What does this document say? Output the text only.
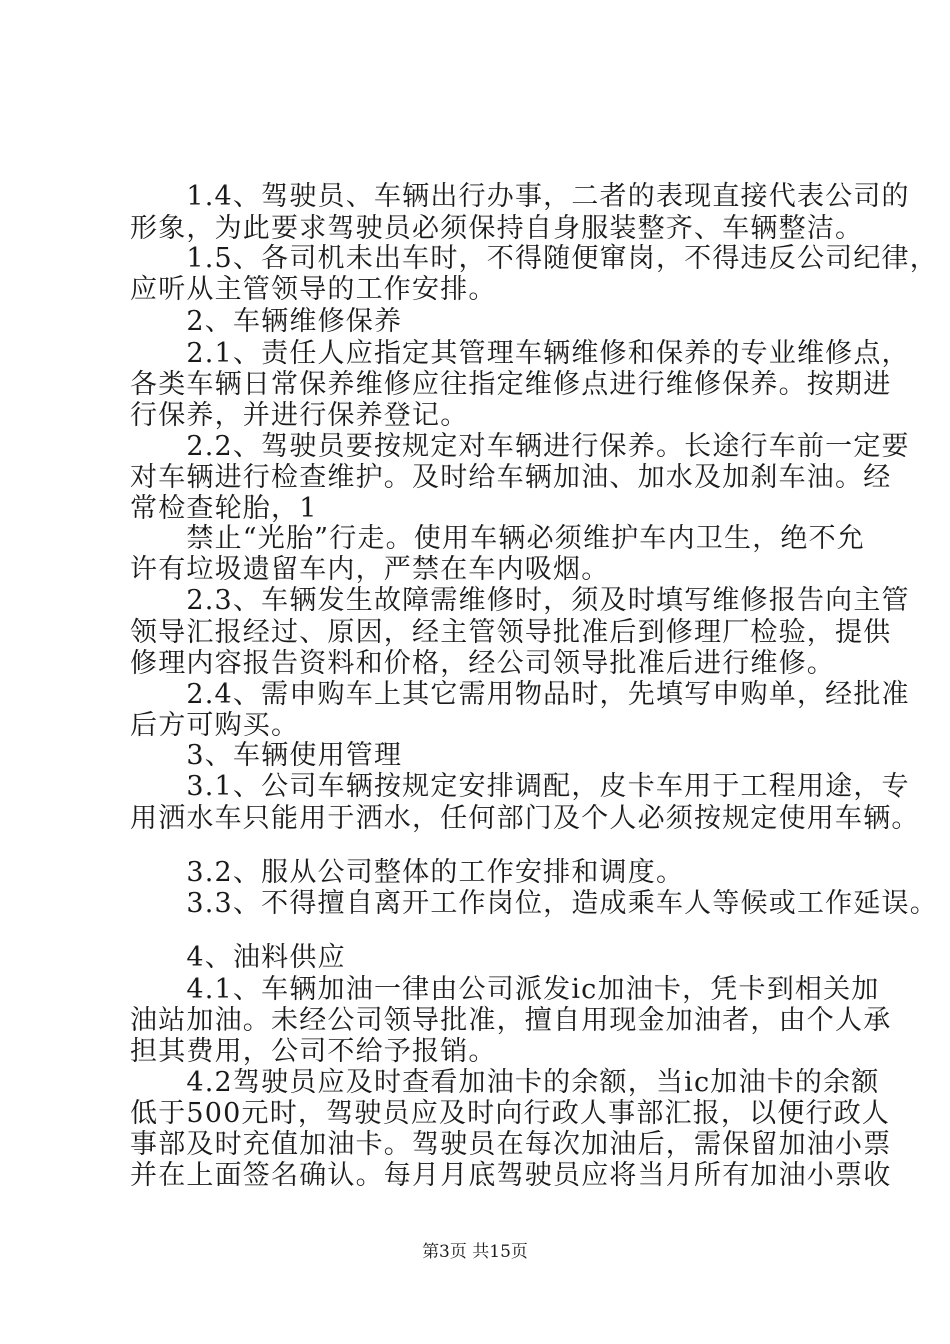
　　1.4、驾驶员、车辆出行办事，二者的表现直接代表公司的
形象，为此要求驾驶员必须保持自身服装整齐、车辆整洁。
　　1.5、各司机未出车时，不得随便窜岗，不得违反公司纪律，
应听从主管领导的工作安排。
　　2、车辆维修保养
　　2.1、责任人应指定其管理车辆维修和保养的专业维修点，
各类车辆日常保养维修应往指定维修点进行维修保养。按期进
行保养，并进行保养登记。
　　2.2、驾驶员要按规定对车辆进行保养。长途行车前一定要
对车辆进行检查维护。及时给车辆加油、加水及加刹车油。经
常检查轮胎，1
　　禁止“光胎”行走。使用车辆必须维护车内卫生，绝不允
许有垃圾遗留车内，严禁在车内吸烟。
　　2.3、车辆发生故障需维修时，须及时填写维修报告向主管
领导汇报经过、原因，经主管领导批准后到修理厂检验，提供
修理内容报告资料和价格，经公司领导批准后进行维修。
　　2.4、需申购车上其它需用物品时，先填写申购单，经批准
后方可购买。
　　3、车辆使用管理
　　3.1、公司车辆按规定安排调配，皮卡车用于工程用途，专
用洒水车只能用于洒水，任何部门及个人必须按规定使用车辆。
　　3.2、服从公司整体的工作安排和调度。
　　3.3、不得擅自离开工作岗位，造成乘车人等候或工作延误。
　　4、油料供应
　　4.1、车辆加油一律由公司派发ic加油卡，凭卡到相关加
油站加油。未经公司领导批准，擅自用现金加油者，由个人承
担其费用，公司不给予报销。
　　4.2驾驶员应及时查看加油卡的余额，当ic加油卡的余额
低于500元时，驾驶员应及时向行政人事部汇报，以便行政人
事部及时充值加油卡。驾驶员在每次加油后，需保留加油小票
并在上面签名确认。每月月底驾驶员应将当月所有加油小票收
第3页 共15页
